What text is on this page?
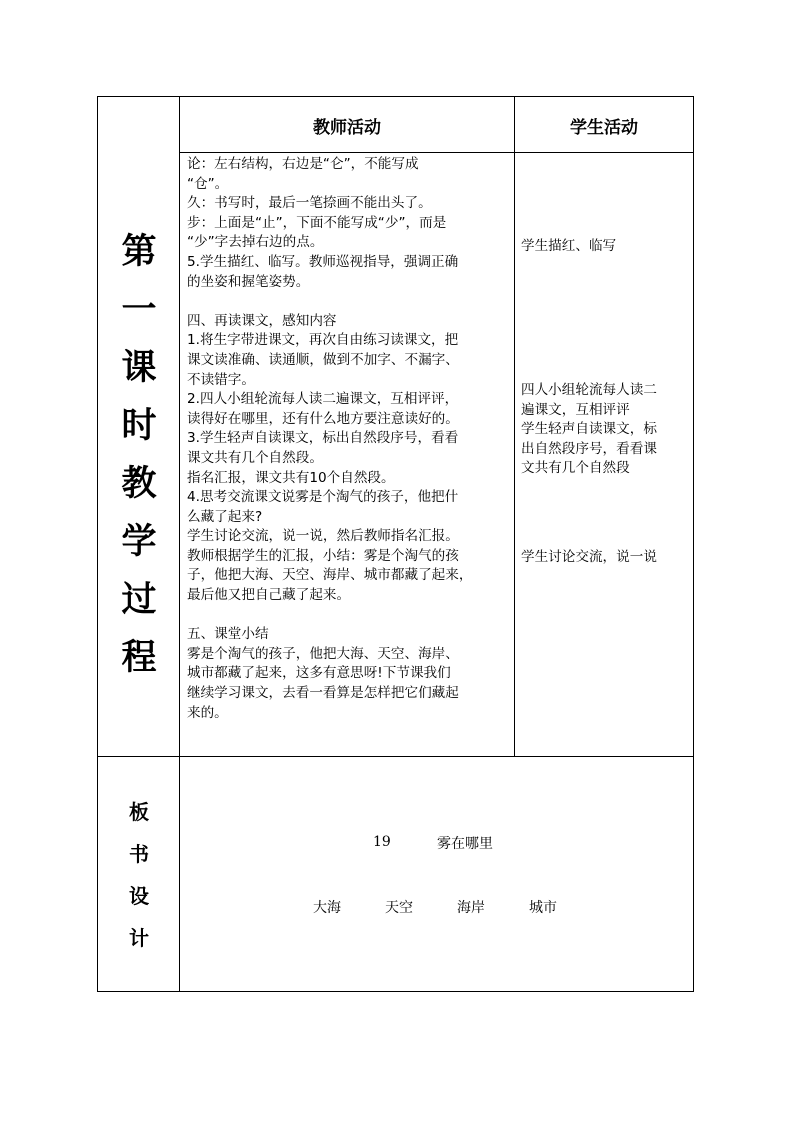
教师活动	学生活动
第
一
课
时
教
学
过
程
论：左右结构，右边是“仑”，不能写成
“仓”。
久：书写时，最后一笔捺画不能出头了。
步：上面是“止”，下面不能写成“少”，而是
“少”字去掉右边的点。
5.学生描红、临写。教师巡视指导，强调正确
的坐姿和握笔姿势。
四、再读课文，感知内容
1.将生字带进课文，再次自由练习读课文，把
课文读准确、读通顺，做到不加字、不漏字、
不读错字。
2.四人小组轮流每人读二遍课文，互相评评，
读得好在哪里，还有什么地方要注意读好的。
3.学生轻声自读课文，标出自然段序号，看看
课文共有几个自然段。
指名汇报，课文共有10个自然段。
4.思考交流课文说雾是个淘气的孩子，他把什
么藏了起来?
学生讨论交流，说一说，然后教师指名汇报。
教师根据学生的汇报，小结：雾是个淘气的孩
子，他把大海、天空、海岸、城市都藏了起来，
最后他又把自己藏了起来。
五、课堂小结
雾是个淘气的孩子，他把大海、天空、海岸、
城市都藏了起来，这多有意思呀!下节课我们
继续学习课文，去看一看算是怎样把它们藏起
来的。
学生描红、临写
四人小组轮流每人读二
遍课文，互相评评
学生轻声自读课文，标
出自然段序号，看看课
文共有几个自然段
学生讨论交流，说一说
板
书
设
计
19	雾在哪里
大海	天空	海岸	城市
